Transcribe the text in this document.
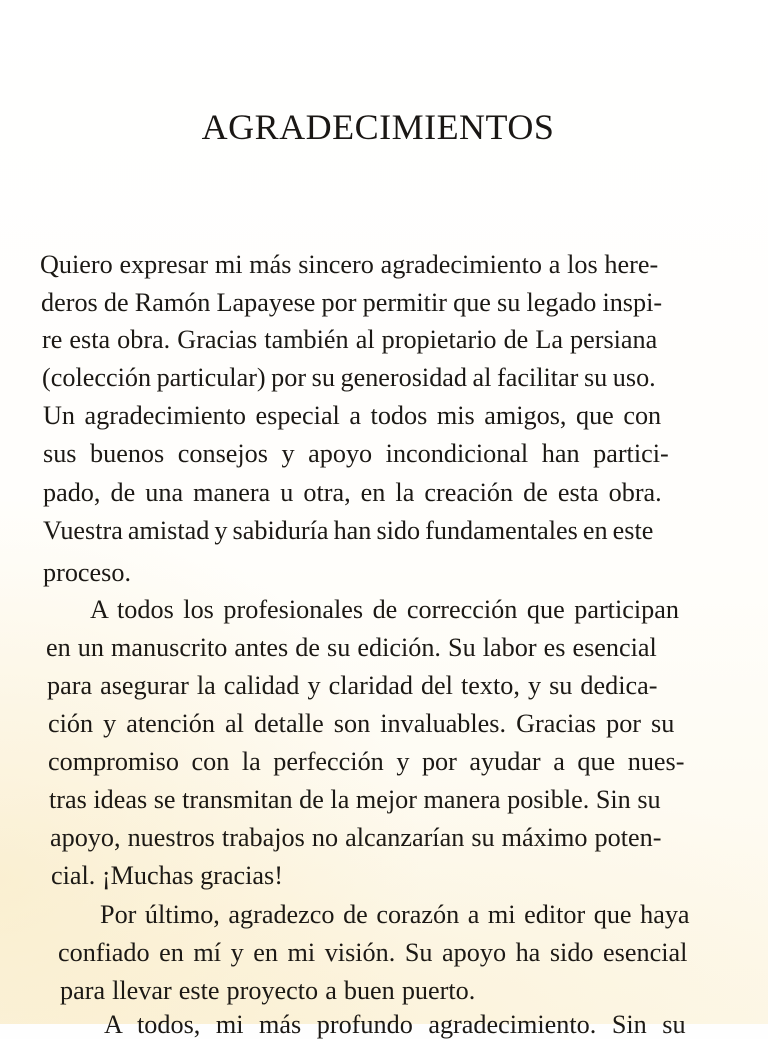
AGRADECIMIENTOS
Quiero expresar mi más sincero agradecimiento a los here-
deros de Ramón Lapayese por permitir que su legado inspi-
re esta obra. Gracias también al propietario de La persiana
(colección particular) por su generosidad al facilitar su uso.
Un agradecimiento especial a todos mis amigos, que con
sus buenos consejos y apoyo incondicional han partici-
pado, de una manera u otra, en la creación de esta obra.
Vuestra amistad y sabiduría han sido fundamentales en este
proceso.
A todos los profesionales de corrección que participan
en un manuscrito antes de su edición. Su labor es esencial
para asegurar la calidad y claridad del texto, y su dedica-
ción y atención al detalle son invaluables. Gracias por su
compromiso con la perfección y por ayudar a que nues-
tras ideas se transmitan de la mejor manera posible. Sin su
apoyo, nuestros trabajos no alcanzarían su máximo poten-
cial. ¡Muchas gracias!
Por último, agradezco de corazón a mi editor que haya
confiado en mí y en mi visión. Su apoyo ha sido esencial
para llevar este proyecto a buen puerto.
A todos, mi más profundo agradecimiento. Sin su
